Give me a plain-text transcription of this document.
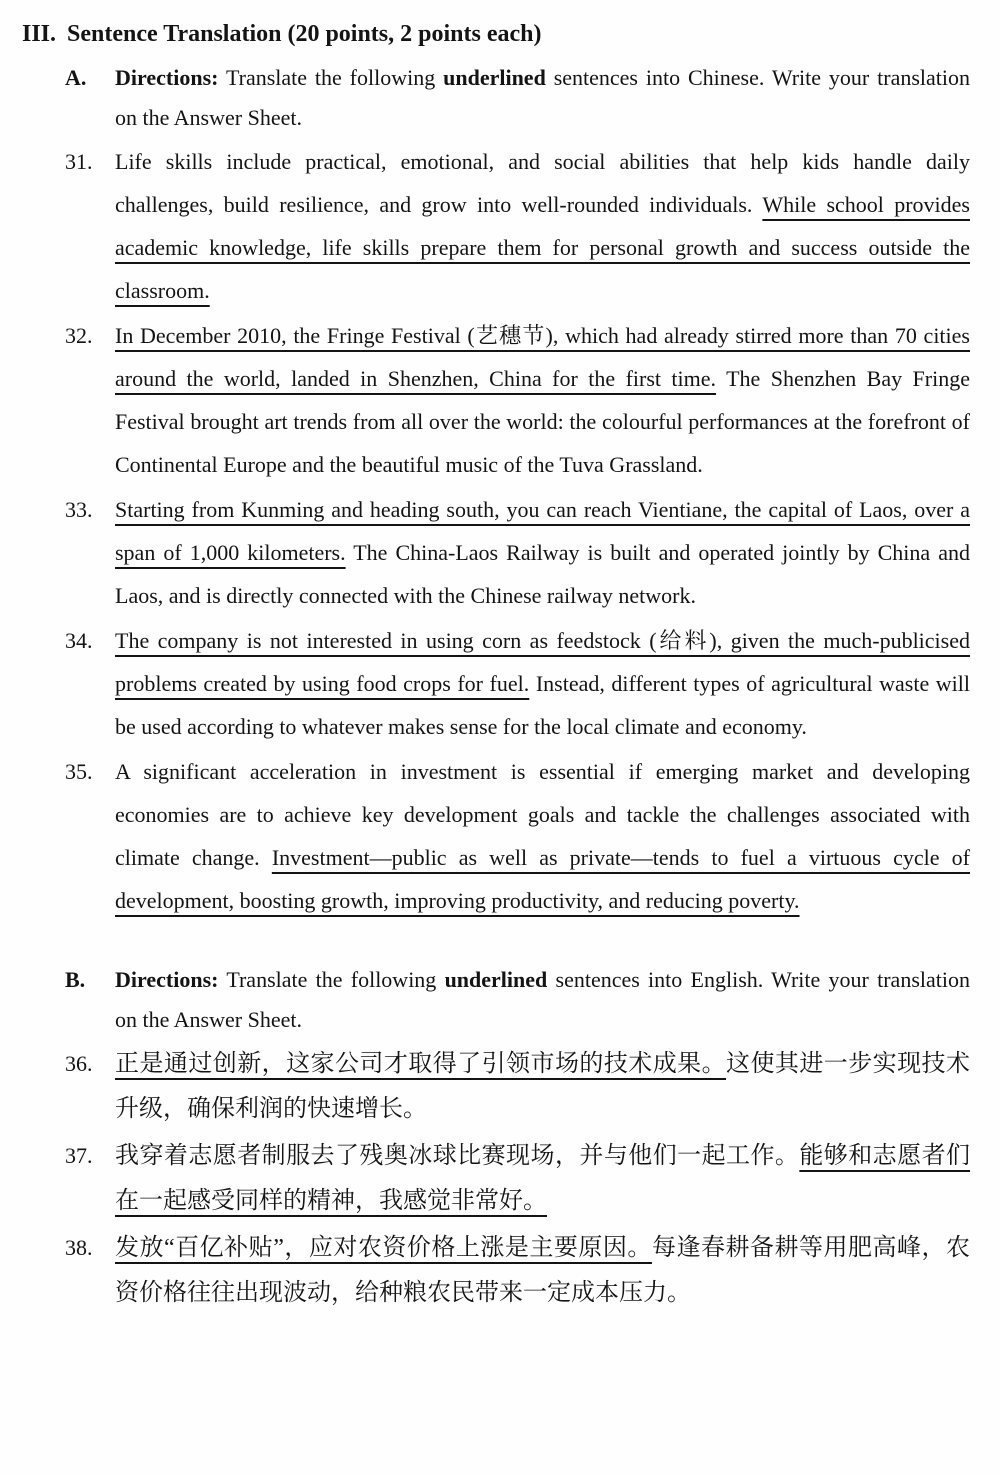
III. Sentence Translation (20 points, 2 points each)
A.	Directions: Translate the following underlined sentences into Chinese. Write your translation on the Answer Sheet.

31.	Life skills include practical, emotional, and social abilities that help kids handle daily challenges, build resilience, and grow into well-rounded individuals. While school provides academic knowledge, life skills prepare them for personal growth and success outside the classroom.

32.	In December 2010, the Fringe Festival (艺穗节), which had already stirred more than 70 cities around the world, landed in Shenzhen, China for the first time. The Shenzhen Bay Fringe Festival brought art trends from all over the world: the colourful performances at the forefront of Continental Europe and the beautiful music of the Tuva Grassland.

33.	Starting from Kunming and heading south, you can reach Vientiane, the capital of Laos, over a span of 1,000 kilometers. The China-Laos Railway is built and operated jointly by China and Laos, and is directly connected with the Chinese railway network.

34.	The company is not interested in using corn as feedstock (给料), given the much-publicised problems created by using food crops for fuel. Instead, different types of agricultural waste will be used according to whatever makes sense for the local climate and economy.

35.	A significant acceleration in investment is essential if emerging market and developing economies are to achieve key development goals and tackle the challenges associated with climate change. Investment—public as well as private—tends to fuel a virtuous cycle of development, boosting growth, improving productivity, and reducing poverty.

B.	Directions: Translate the following underlined sentences into English. Write your translation on the Answer Sheet.

36. 正是通过创新，这家公司才取得了引领市场的技术成果。这使其进一步实现技术升级，确保利润的快速增长。

37. 我穿着志愿者制服去了残奥冰球比赛现场，并与他们一起工作。能够和志愿者们在一起感受同样的精神，我感觉非常好。

38. 发放“百亿补贴”，应对农资价格上涨是主要原因。每逢春耕备耕等用肥高峰，农资价格往往出现波动，给种粮农民带来一定成本压力。
